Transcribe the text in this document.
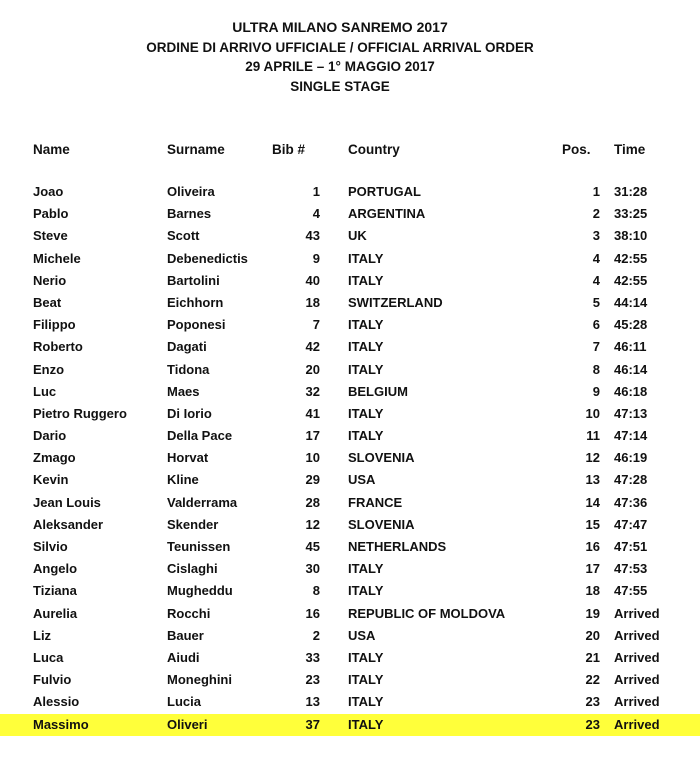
ULTRA MILANO SANREMO 2017
ORDINE DI ARRIVO UFFICIALE / OFFICIAL ARRIVAL ORDER
29 APRILE – 1° MAGGIO 2017
SINGLE STAGE
Name	Surname	Bib #	Country	Pos. Time
Joao	Oliveira	1 PORTUGAL	1 31:28
Pablo	Barnes	4 ARGENTINA	2 33:25
Steve	Scott	43 UK	3 38:10
Michele	Debenedictis	9 ITALY	4 42:55
Nerio	Bartolini	40 ITALY	4 42:55
Beat	Eichhorn	18 SWITZERLAND	5 44:14
Filippo	Poponesi	7 ITALY	6 45:28
Roberto	Dagati	42 ITALY	7 46:11
Enzo	Tidona	20 ITALY	8 46:14
Luc	Maes	32 BELGIUM	9 46:18
Pietro Ruggero	Di Iorio	41 ITALY	10 47:13
Dario	Della Pace	17 ITALY	11 47:14
Zmago	Horvat	10 SLOVENIA	12 46:19
Kevin	Kline	29 USA	13 47:28
Jean Louis	Valderrama	28 FRANCE	14 47:36
Aleksander	Skender	12 SLOVENIA	15 47:47
Silvio	Teunissen	45 NETHERLANDS	16 47:51
Angelo	Cislaghi	30 ITALY	17 47:53
Tiziana	Mugheddu	8 ITALY	18 47:55
Aurelia	Rocchi	16 REPUBLIC OF MOLDOVA	19 Arrived
Liz	Bauer	2 USA	20 Arrived
Luca	Aiudi	33 ITALY	21 Arrived
Fulvio	Moneghini	23 ITALY	22 Arrived
Alessio	Lucia	13 ITALY	23 Arrived
Massimo	Oliveri	37 ITALY	23 Arrived
